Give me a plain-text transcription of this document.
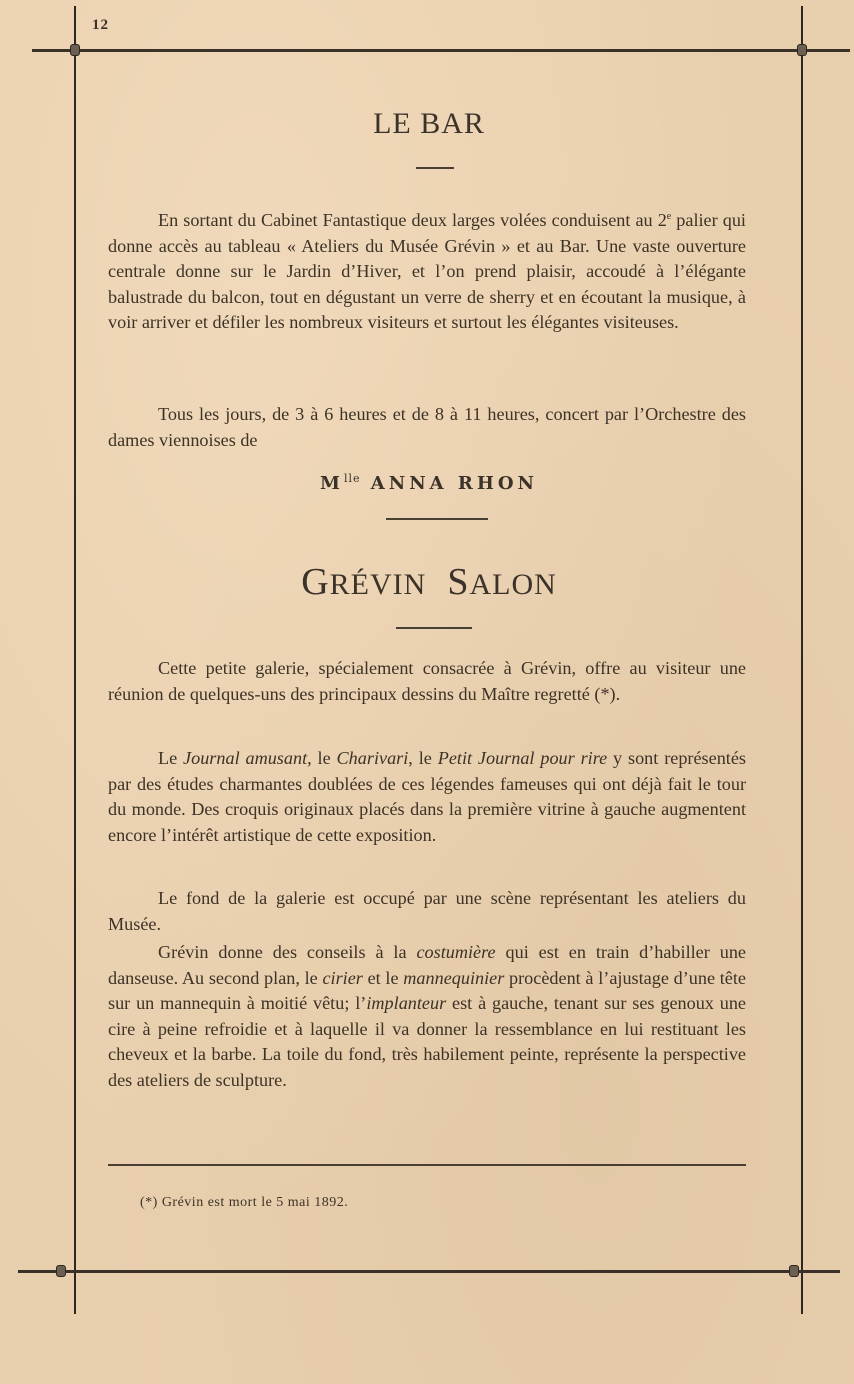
12
LE BAR

En sortant du Cabinet Fantastique deux larges volées conduisent au 2e palier qui donne accès au tableau « Ateliers du Musée Grévin » et au Bar. Une vaste ouverture centrale donne sur le Jardin d’Hiver, et l’on prend plaisir, accoudé à l’élégante balustrade du balcon, tout en dégustant un verre de sherry et en écoutant la musique, à voir arriver et défiler les nombreux visiteurs et surtout les élégantes visiteuses.

Tous les jours, de 3 à 6 heures et de 8 à 11 heures, concert par l’Orchestre des dames viennoises de

$M^{lle}$ ANNA RHON
GRÉVIN SALON

Cette petite galerie, spécialement consacrée à Grévin, offre au visiteur une réunion de quelques-uns des principaux dessins du Maître regretté (*).

Le Journal amusant, le Charivari, le Petit Journal pour rire y sont représentés par des études charmantes doublées de ces légendes fameuses qui ont déjà fait le tour du monde. Des croquis originaux placés dans la première vitrine à gauche augmentent encore l’intérêt artistique de cette exposition.

Le fond de la galerie est occupé par une scène représentant les ateliers du Musée.

Grévin donne des conseils à la costumière qui est en train d’habiller une danseuse. Au second plan, le cirier et le mannequinier procèdent à l’ajustage d’une tête sur un mannequin à moitié vêtu; l’implanteur est à gauche, tenant sur ses genoux une cire à peine refroidie et à laquelle il va donner la ressemblance en lui restituant les cheveux et la barbe. La toile du fond, très habilement peinte, représente la perspective des ateliers de sculpture.

(*) Grévin est mort le 5 mai 1892.
